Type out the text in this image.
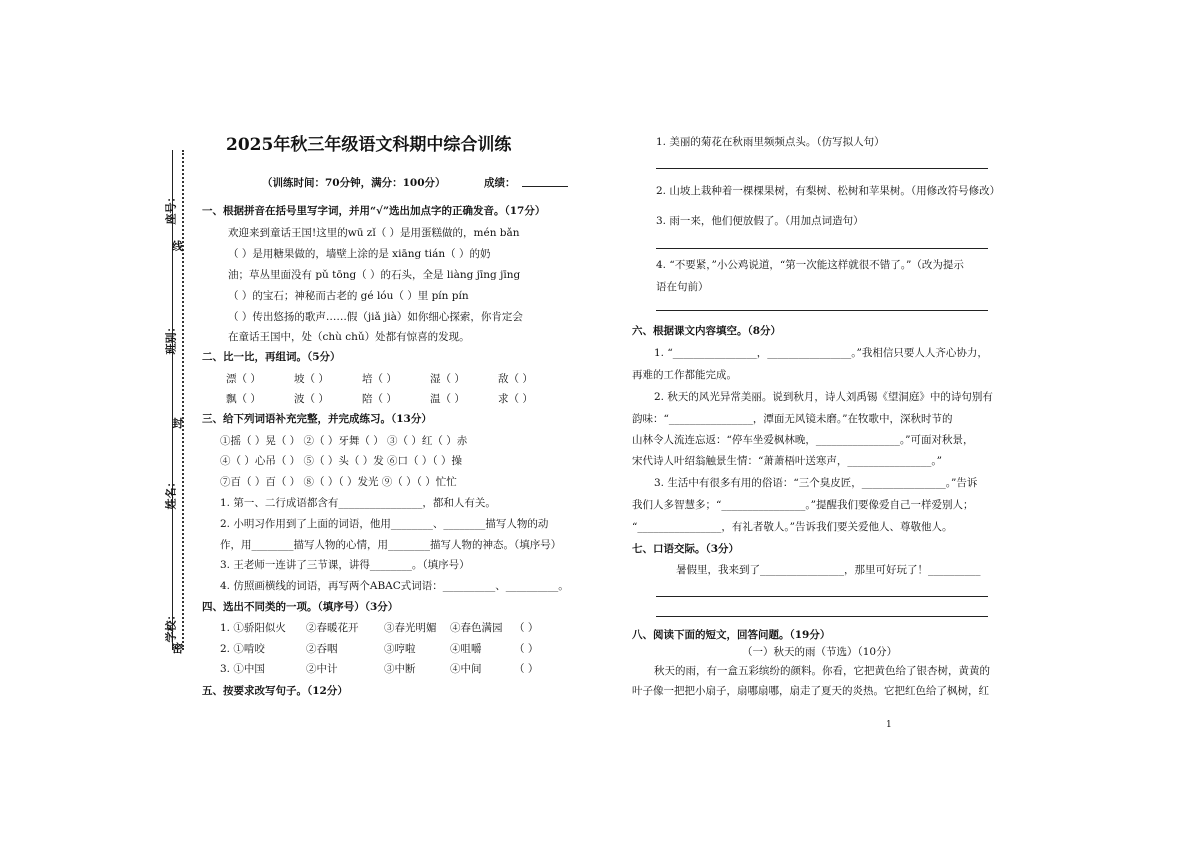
座号：
线
班别：
封
姓名：
学校：
密
2025年秋三年级语文科期中综合训练
（训练时间：70分钟，满分：100分）	成绩：
一、根据拼音在括号里写字词，并用“√”选出加点字的正确发音。（17分）
欢迎来到童话王国!这里的wū zǐ（ ）是用蛋糕做的，mén bǎn
（ ）是用糖果做的，墙壁上涂的是 xiāng tián（ ）的奶
油；草丛里面没有 pǔ tōng（ ）的石头，全是 liàng jīng jīng
（ ）的宝石；神秘而古老的 gé lóu（ ）里 pín pín
（ ）传出悠扬的歌声……假（jiǎ jià）如你细心探索，你肯定会
在童话王国中，处（chù chǔ）处都有惊喜的发现。
二、比一比，再组词。（5分）
漂（ ）	坡（ ）	培（ ）	湿（ ）	敌（ ）
飘（ ）	波（ ）	陪（ ）	温（ ）	求（ ）
三、给下列词语补充完整，并完成练习。（13分）
①摇（ ）晃（ ） ②（ ）牙舞（ ） ③（ ）红（ ）赤
④（ ）心吊（ ） ⑤（ ）头（ ）发 ⑥口（ ）（ ）操
⑦百（ ）百（ ） ⑧（ ）（ ）发光 ⑨（ ）（ ）忙忙
1. 第一、二行成语都含有________________，都和人有关。
2. 小明习作用到了上面的词语，他用________、________描写人物的动
作，用________描写人物的心情，用________描写人物的神态。（填序号）
3. 王老师一连讲了三节课，讲得________。（填序号）
4. 仿照画横线的词语，再写两个ABAC式词语：__________、__________。
四、选出不同类的一项。（填序号）（3分）
1. ①骄阳似火 ②春暖花开 ③春光明媚 ④春色满园 （ ）
2. ①啃咬	②吞咽	③哼啦	④咀嚼	（ ）
3. ①中国	②中计	③中断	④中间	（ ）
五、按要求改写句子。（12分）
1. 美丽的菊花在秋雨里频频点头。（仿写拟人句）
2. 山坡上栽种着一棵棵果树，有梨树、松树和苹果树。（用修改符号修改）
3. 雨一来，他们便放假了。（用加点词造句）
4. “不要紧，”小公鸡说道，“第一次能这样就很不错了。”（改为提示
语在句前）
六、根据课文内容填空。（8分）
1. “________________，________________。”我相信只要人人齐心协力，
再难的工作都能完成。
2. 秋天的风光异常美丽。说到秋月，诗人刘禹锡《望洞庭》中的诗句别有
韵味：“________________，潭面无风镜未磨。”在牧歌中，深秋时节的
山林令人流连忘返：“停车坐爱枫林晚，________________。”可面对秋景，
宋代诗人叶绍翁触景生情：“萧萧梧叶送寒声，________________。”
3. 生活中有很多有用的俗语：“三个臭皮匠，________________。”告诉
我们人多智慧多；“________________。”提醒我们要像爱自己一样爱别人；
“________________，有礼者敬人。”告诉我们要关爱他人、尊敬他人。
七、口语交际。（3分）
暑假里，我来到了________________，那里可好玩了！__________
八、阅读下面的短文，回答问题。（19分）
（一）秋天的雨（节选）（10分）
秋天的雨，有一盒五彩缤纷的颜料。你看，它把黄色给了银杏树，黄黄的
叶子像一把把小扇子，扇哪扇哪，扇走了夏天的炎热。它把红色给了枫树，红
1
